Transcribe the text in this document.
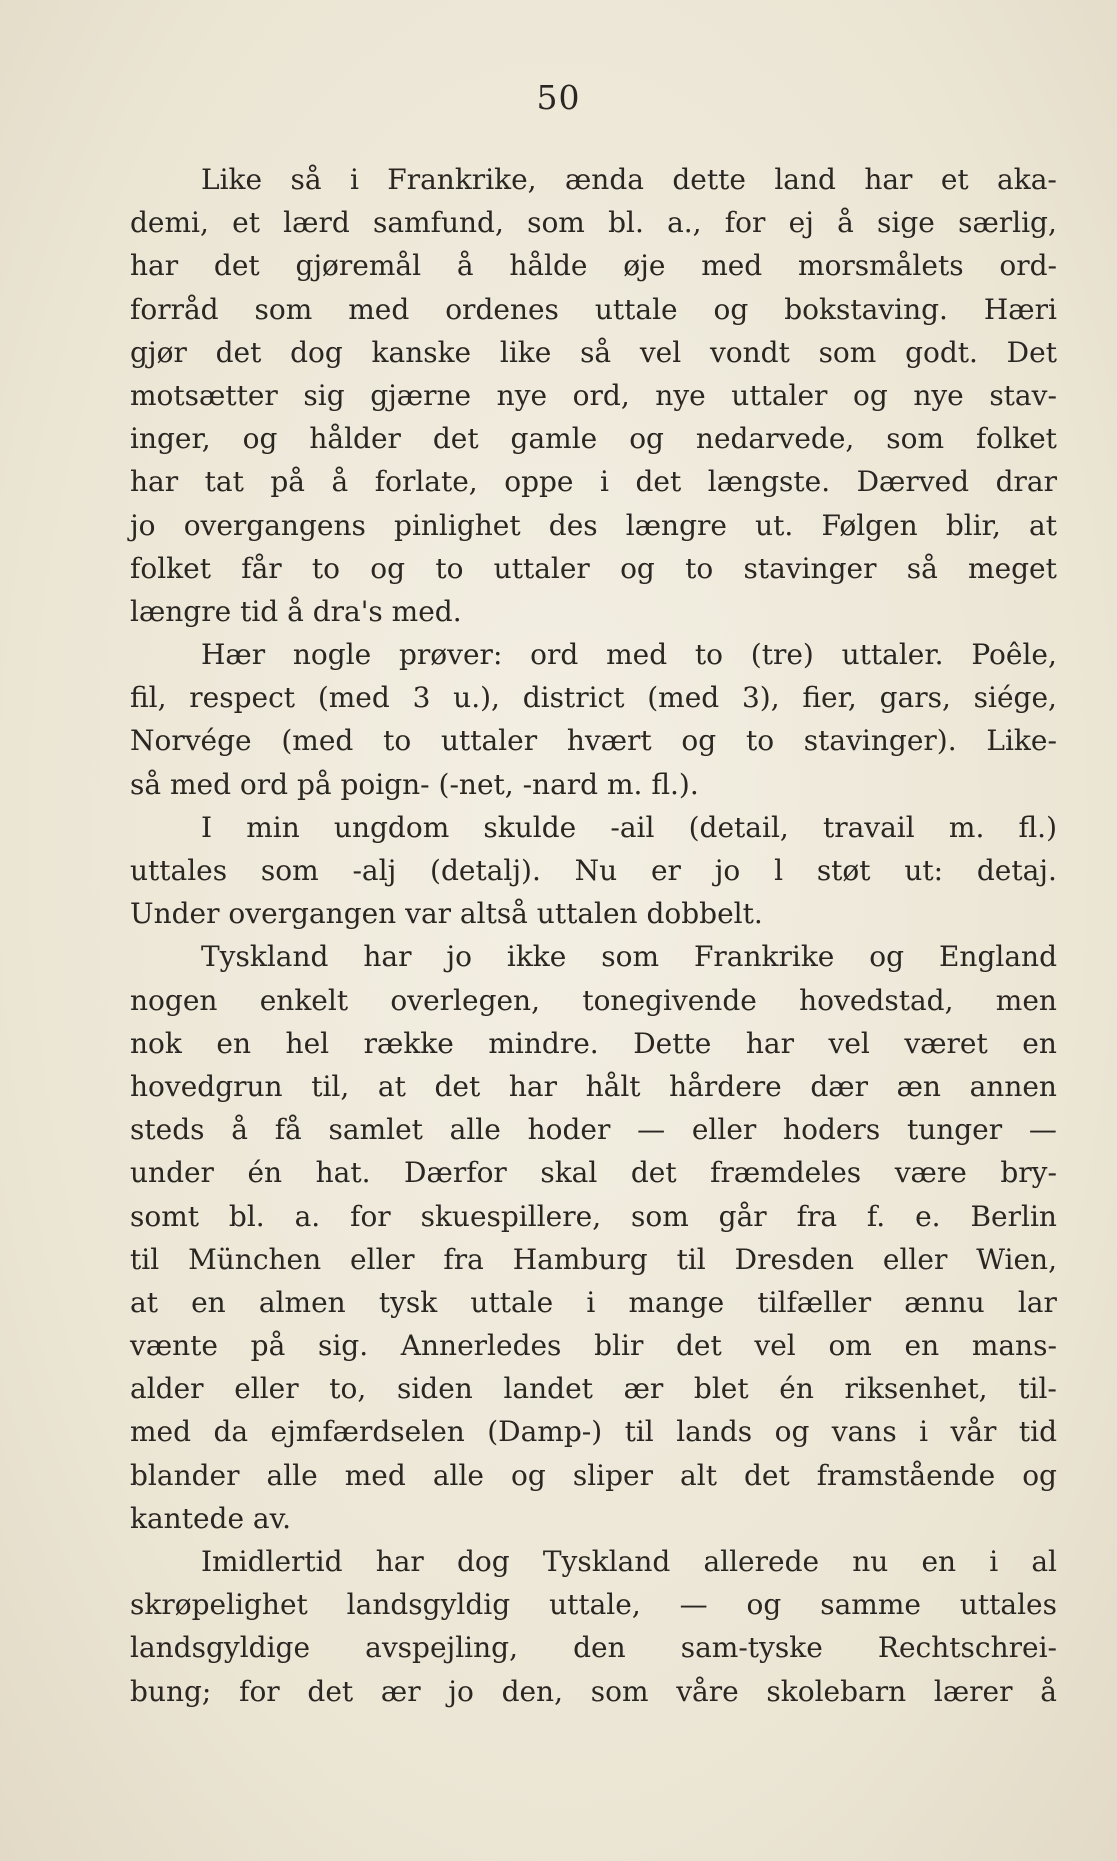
50
Like så i Frankrike, ænda dette land har et aka-
demi, et lærd samfund, som bl. a., for ej å sige særlig,
har det gjøremål å hålde øje med morsmålets ord-
forråd som med ordenes uttale og bokstaving. Hæri
gjør det dog kanske like så vel vondt som godt. Det
motsætter sig gjærne nye ord, nye uttaler og nye stav-
inger, og hålder det gamle og nedarvede, som folket
har tat på å forlate, oppe i det længste. Dærved drar
jo overgangens pinlighet des længre ut. Følgen blir, at
folket får to og to uttaler og to stavinger så meget
længre tid å dra's med.
Hær nogle prøver: ord med to (tre) uttaler. Poêle,
fil, respect (med 3 u.), district (med 3), fier, gars, siége,
Norvége (med to uttaler hvært og to stavinger). Like-
så med ord på poign- (-net, -nard m. fl.).
I min ungdom skulde -ail (detail, travail m. fl.)
uttales som -alj (detalj). Nu er jo l støt ut: detaj.
Under overgangen var altså uttalen dobbelt.
Tyskland har jo ikke som Frankrike og England
nogen enkelt overlegen, tonegivende hovedstad, men
nok en hel række mindre. Dette har vel været en
hovedgrun til, at det har hålt hårdere dær æn annen
steds å få samlet alle hoder — eller hoders tunger —
under én hat. Dærfor skal det fræmdeles være bry-
somt bl. a. for skuespillere, som går fra f. e. Berlin
til München eller fra Hamburg til Dresden eller Wien,
at en almen tysk uttale i mange tilfæller ænnu lar
vænte på sig. Annerledes blir det vel om en mans-
alder eller to, siden landet ær blet én riksenhet, til-
med da ejmfærdselen (Damp-) til lands og vans i vår tid
blander alle med alle og sliper alt det framstående og
kantede av.
Imidlertid har dog Tyskland allerede nu en i al
skrøpelighet landsgyldig uttale, — og samme uttales
landsgyldige avspejling, den sam-tyske Rechtschrei-
bung; for det ær jo den, som våre skolebarn lærer å
